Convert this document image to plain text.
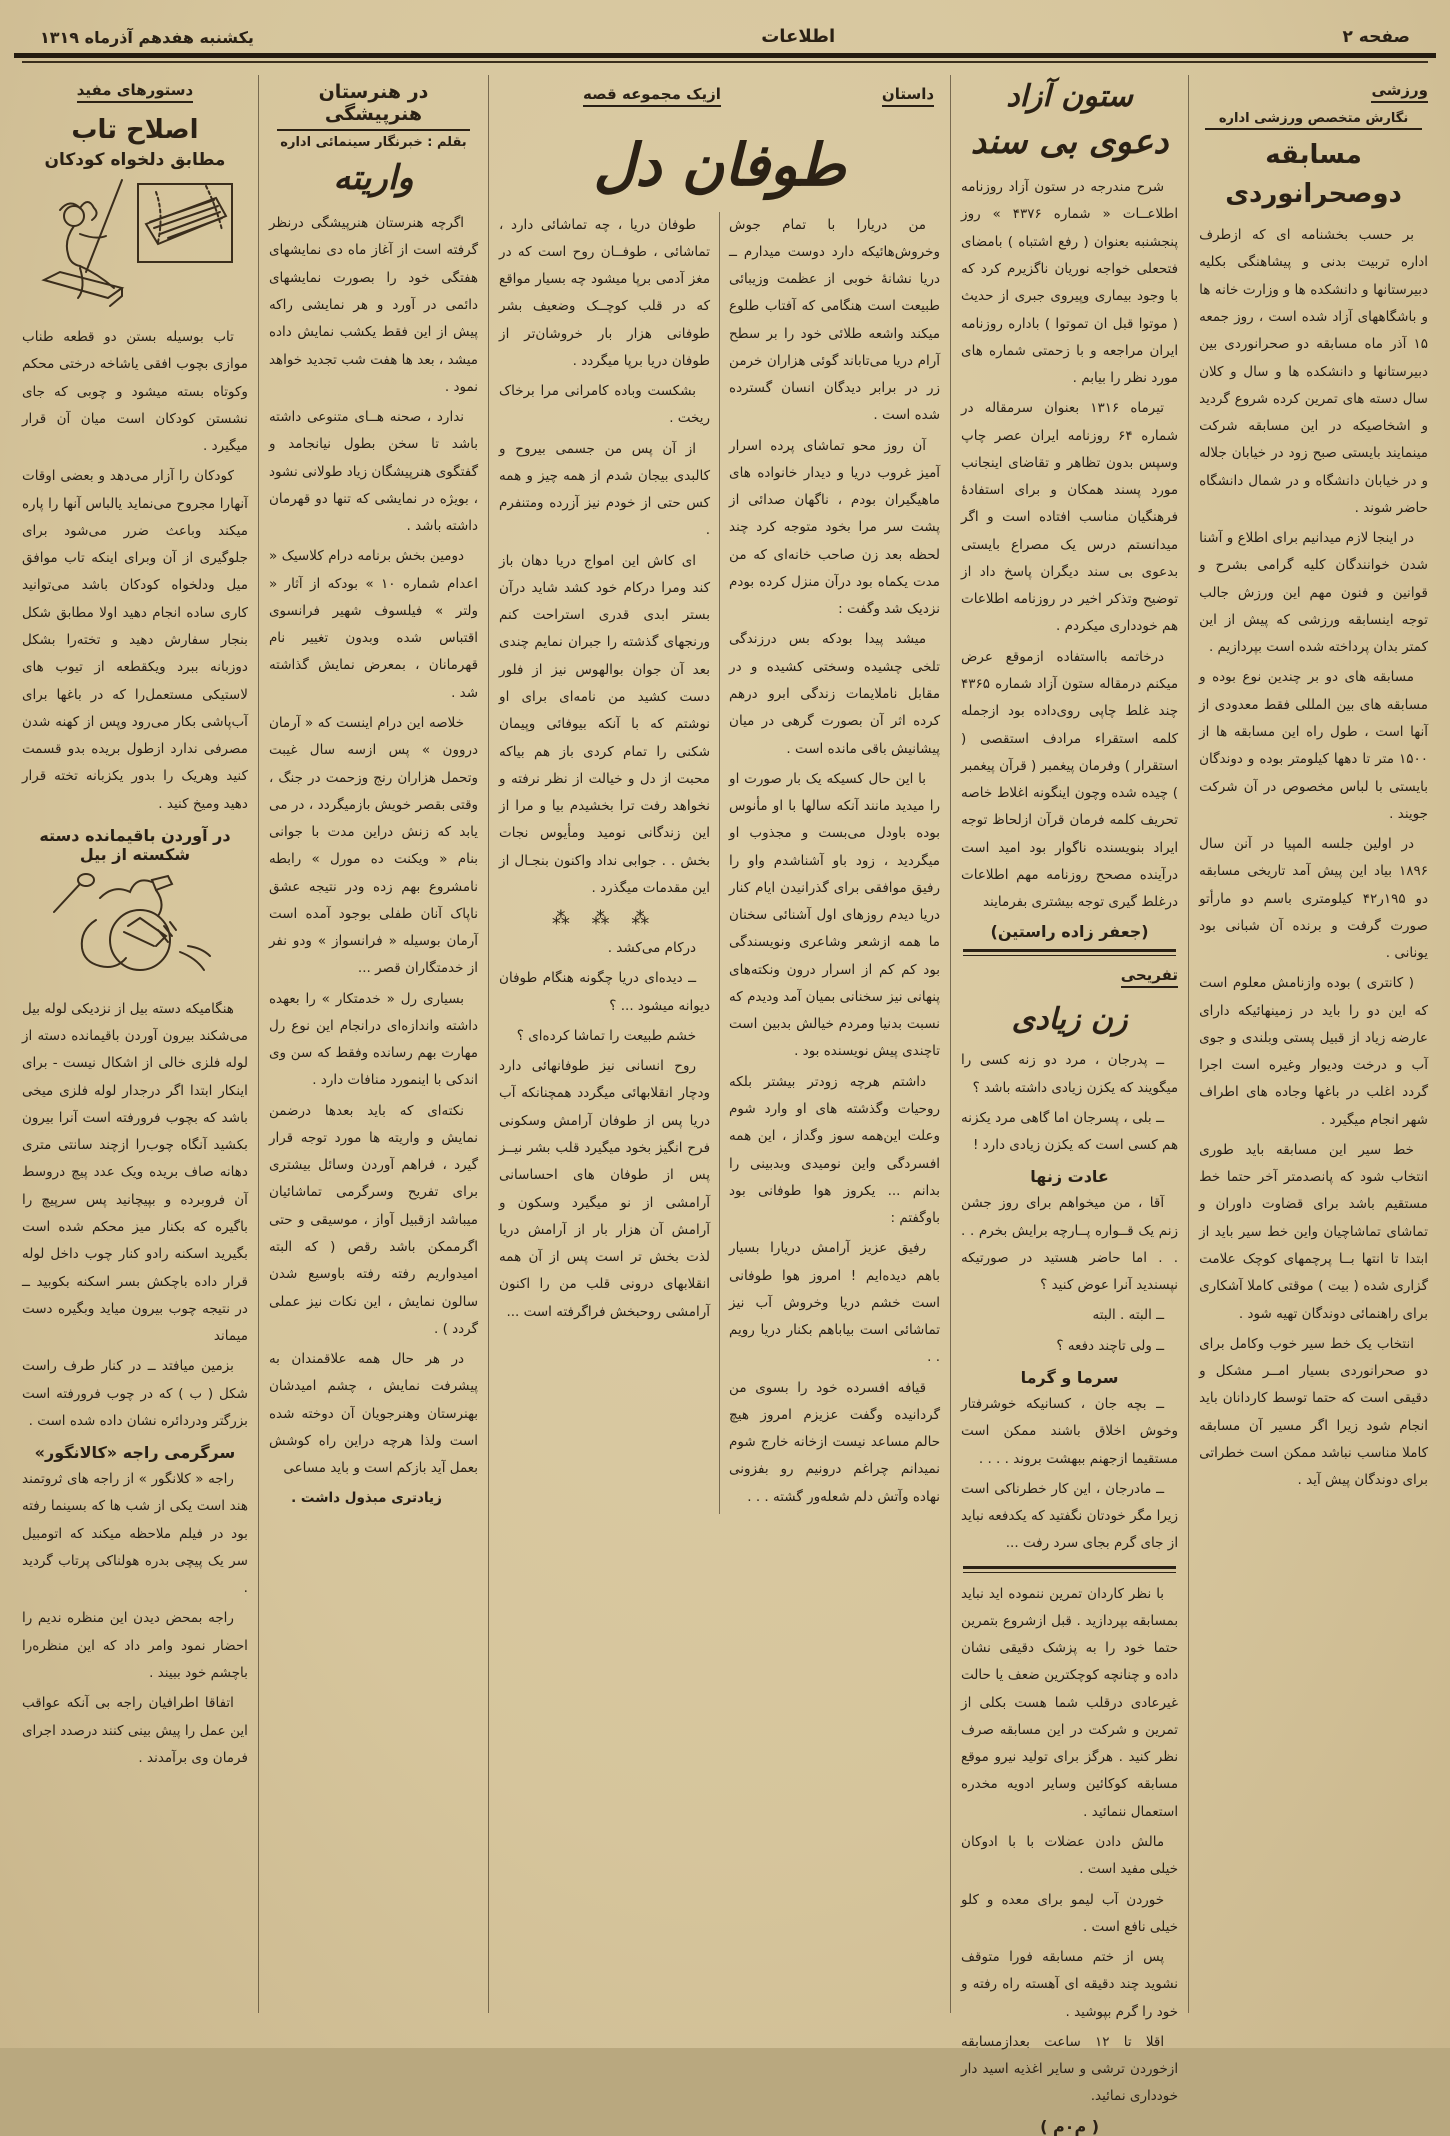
صفحه ۲
اطلاعات
یکشنبه هفدهم آذرماه ۱۳۱۹
ورزشی
نگارش متخصص ورزشی اداره
مسابقه
دوصحرانوردی

بر حسب بخشنامه ای که ازطرف اداره تربیت بدنی و پیشاهنگی بکلیه دبیرستانها و دانشکده ها و وزارت خانه ها و باشگاههای آزاد شده است ، روز جمعه ۱۵ آذر ماه مسابقه دو صحرانوردی بین دبیرستانها و دانشکده ها و سال و کلان سال دسته های تمرین کرده شروع گردید و اشخاصیکه در این مسابقه شرکت مینمایند بایستی صبح زود در خیابان جلاله و در خیابان دانشگاه و در شمال دانشگاه حاضر شوند .

در اینجا لازم میدانیم برای اطلاع و آشنا شدن خوانندگان کلیه گرامی بشرح و قوانین و فنون مهم این ورزش جالب توجه اینسابقه ورزشی که پیش از این کمتر بدان پرداخته شده است بپردازیم .

مسابقه های دو بر چندین نوع بوده و مسابقه های بین المللی فقط معدودی از آنها است ، طول راه این مسابقه ها از ۱۵۰۰ متر تا دهها کیلومتر بوده و دوندگان بایستی با لباس مخصوص در آن شرکت جویند .

در اولین جلسه المپیا در آنن سال ۱۸۹۶ بیاد این پیش آمد تاریخی مسابقه دو ۱۹۵ر۴۲ کیلومتری باسم دو مارأتو صورت گرفت و برنده آن شبانی بود یونانی .

( کانتری ) بوده وازنامش معلوم است که این دو را باید در زمینهائیکه دارای عارضه زیاد از قبیل پستی وبلندی و جوی آب و درخت ودیوار وغیره است اجرا گردد اغلب در باغها وجاده های اطراف شهر انجام میگیرد .

خط سیر این مسابقه باید طوری انتخاب شود که پانصدمتر آخر حتما خط مستقیم باشد برای قضاوت داوران و تماشای تماشاچیان واین خط سیر باید از ابتدا تا انتها بــا پرچمهای کوچک علامت گزاری شده ( بیت ) موقتی کاملا آشکاری برای راهنمائی دوندگان تهیه شود .

انتخاب یک خط سیر خوب وکامل برای دو صحرانوردی بسیار امــر مشکل و دقیقی است که حتما توسط کاردانان باید انجام شود زیرا اگر مسیر آن مسابقه کاملا مناسب نباشد ممکن است خطراتی برای دوندگان پیش آید .

ستون آزاد
دعوی بی سند

شرح مندرجه در ستون آزاد روزنامه اطلاعــات « شماره ۴۳۷۶ » روز پنجشنبه بعنوان ( رفع اشتباه ) بامضای فتحعلی خواجه نوریان ناگزیرم کرد که با وجود بیماری وپیروی جبری از حدیث ( موتوا قبل ان تموتوا ) باداره روزنامه ایران مراجعه و با زحمتی شماره های مورد نظر را بیابم .

تیرماه ۱۳۱۶ بعنوان سرمقاله در شماره ۶۴ روزنامه ایران عصر چاپ وسپس بدون تظاهر و تقاضای اینجانب مورد پسند همکان و برای استفادهٔ فرهنگیان مناسب افتاده است و اگر میدانستم درس یک مصراع بایستی بدعوی بی سند دیگران پاسخ داد از توضیح وتذکر اخیر در روزنامه اطلاعات هم خودداری میکردم .

درخاتمه بااستفاده ازموقع عرض میکنم درمقاله ستون آزاد شماره ۴۳۶۵ چند غلط چاپی روی‌داده بود ازجمله کلمه استقراء مرادف استقصی ( استقرار ) وفرمان پیغمبر ( قرآن پیغمبر ) چیده شده وچون اینگونه اغلاط خاصه تحریف کلمه فرمان قرآن ازلحاظ توجه ایراد بنویسنده ناگوار بود امید است درآینده مصحح روزنامه مهم اطلاعات درغلط گیری توجه بیشتری بفرمایند

(جعفر زاده راستین)
تفریحی
زن زیادی

ــ پدرجان ، مرد دو زنه کسی را میگویند که یکزن زیادی داشته باشد ؟

ــ بلی ، پسرجان اما گاهی مرد یکزنه هم کسی است که یکزن زیادی دارد !

عادت زنها

آقا ، من میخواهم برای روز جشن زنم یک قــواره پــارچه برایش بخرم . . . . اما حاضر هستید در صورتیکه نپسندید آنرا عوض کنید ؟

ــ البته . البته

ــ ولی تاچند دفعه ؟

سرما و گرما

ــ بچه جان ، کسانیکه خوشرفتار وخوش اخلاق باشند ممکن است مستقیما ازجهنم ببهشت بروند . . . .

ــ مادرجان ، این کار خطرناکی است زیرا مگر خودتان نگفتید که یکدفعه نباید از جای گرم بجای سرد رفت ...

با نظر کاردان تمرین ننموده اید نباید بمسابقه بپردازید . قبل ازشروع بتمرین حتما خود را به پزشک دقیقی نشان داده و چنانچه کوچکترین ضعف یا حالت غیرعادی درقلب شما هست بکلی از تمرین و شرکت در این مسابقه صرف نظر کنید . هرگز برای تولید نیرو موقع مسابقه کوکائین وسایر ادویه مخدره استعمال ننمائید .

مالش دادن عضلات با با ادوکان خیلی مفید است .

خوردن آب لیمو برای معده و کلو خیلی نافع است .

پس از ختم مسابقه فورا متوقف نشوید چند دقیقه ای آهسته راه رفته و خود را گرم بپوشید .

اقلا تا ۱۲ ساعت بعدازمسابقه ازخوردن ترشی و سایر اغذیه اسید دار خودداری نمائید.

( م۰م )
داستان
ازیک مجموعه قصه
طوفان دل

من دریارا با تمام جوش وخروش‌هائیکه دارد دوست میدارم ــ دریا نشانهٔ خوبی از عظمت وزیبائی طبیعت است هنگامی که آفتاب طلوع میکند واشعه طلائی خود را بر سطح آرام دریا می‌تاباند گوئی هزاران خرمن زر در برابر دیدگان انسان گسترده شده است .

آن روز محو تماشای پرده اسرار آمیز غروب دریا و دیدار خانواده های ماهیگیران بودم ، ناگهان صدائی از پشت سر مرا بخود متوجه کرد چند لحظه بعد زن صاحب خانه‌ای که من مدت یکماه بود درآن منزل کرده بودم نزدیک شد وگفت :

میشد پیدا بودکه بس درزندگی تلخی چشیده وسختی کشیده و در مقابل ناملایمات زندگی ابرو درهم کرده اثر آن بصورت گرهی در میان پیشانیش باقی مانده است .

با این حال کسیکه یک بار صورت او را میدید مانند آنکه سالها با او مأنوس بوده باودل می‌بست و مجذوب او میگردید ، زود باو آشناشدم واو را رفیق موافقی برای گذرانیدن ایام کنار دریا دیدم روزهای اول آشنائی سخنان ما همه ازشعر وشاعری ونویسندگی بود کم کم از اسرار درون ونکته‌های پنهانی نیز سخنانی بمیان آمد ودیدم که نسبت بدنیا ومردم خیالش بدبین است تاچندی پیش نویسنده بود .

داشتم هرچه زودتر بیشتر بلکه روحیات وگذشته های او وارد شوم وعلت این‌همه سوز وگداز ، این همه افسردگی واین نومیدی وبدبینی را بدانم ... یکروز هوا طوفانی بود باوگفتم :

رفیق عزیز آرامش دریارا بسیار باهم دیده‌ایم ! امروز هوا طوفانی است خشم دریا وخروش آب نیز تماشائی است بیاباهم بکنار دریا رویم . .

قیافه افسرده خود را بسوی من گردانیده وگفت عزیزم امروز هیچ حالم مساعد نیست ازخانه خارج شوم نمیدانم چراغم درونیم رو بفزونی نهاده وآتش دلم شعله‌ور گشته . . .

طوفان دریا ، چه تماشائی دارد ، تماشائی ، طوفــان روح است که در مغز آدمی برپا میشود چه بسیار مواقع که در قلب کوچــک وضعیف بشر طوفانی هزار بار خروشان‌تر از طوفان دریا برپا میگردد .

بشکست وباده کامرانی مرا برخاک ریخت .

از آن پس من جسمی بیروح و کالبدی بیجان شدم از همه چیز و همه کس حتی از خودم نیز آزرده ومتنفرم .

ای کاش این امواج دریا دهان باز کند ومرا درکام خود کشد شاید درآن بستر ابدی قدری استراحت کنم ورنجهای گذشته را جبران نمایم چندی بعد آن جوان بوالهوس نیز از فلور دست کشید من نامه‌ای برای او نوشتم که با آنکه بیوفائی وپیمان شکنی را تمام کردی باز هم بیاکه محبت از دل و خیالت از نظر نرفته و نخواهد رفت ترا بخشیدم بیا و مرا از این زندگانی نومید ومأیوس نجات بخش . . جوابی نداد واکنون بنجـال از این مقدمات میگذرد .

⁂ ⁂ ⁂

درکام می‌کشد .

ــ دیده‌ای دریا چگونه هنگام طوفان دیوانه میشود ... ؟

خشم طبیعت را تماشا کرده‌ای ؟

روح انسانی نیز طوفانهائی دارد ودچار انقلابهائی میگردد همچنانکه آب دریا پس از طوفان آرامش وسکونی فرح انگیز بخود میگیرد قلب بشر نیــز پس از طوفان های احساسانی آرامشی از نو میگیرد وسکون و آرامش آن هزار بار از آرامش دریا لذت بخش تر است پس از آن همه انقلابهای درونی قلب من را اکنون آرامشی روحبخش فراگرفته است ...

در هنرستان هنرپیشگی
بقلم : خبرنگار سینمائی اداره
واریته

اگرچه هنرستان هنرپیشگی درنظر گرفته است از آغاز ماه دی نمایشهای هفتگی خود را بصورت نمایشهای دائمی در آورد و هر نمایشی راکه پیش از این فقط یکشب نمایش داده میشد ، بعد ها هفت شب تجدید خواهد نمود .

ندارد ، صحنه هــای متنوعی داشته باشد تا سخن بطول نیانجامد و گفتگوی هنرپیشگان زیاد طولانی نشود ، بویژه در نمایشی که تنها دو قهرمان داشته باشد .

دومین بخش برنامه درام کلاسیک « اعدام شماره ۱۰ » بودکه از آثار « ولتر » فیلسوف شهیر فرانسوی اقتباس شده وبدون تغییر نام قهرمانان ، بمعرض نمایش گذاشته شد .

خلاصه این درام اینست که « آرمان دروون » پس ازسه سال غیبت وتحمل هزاران رنج وزحمت در جنگ ، وقتی بقصر خویش بازمیگردد ، در می یابد که زنش دراین مدت با جوانی بنام « ویکنت ده مورل » رابطه نامشروع بهم زده ودر نتیجه عشق ناپاک آنان طفلی بوجود آمده است آرمان بوسیله « فرانسواز » ودو نفر از خدمتگاران قصر ...

بسیاری رل « خدمتکار » را بعهده داشته واندازه‌ای درانجام این نوع رل مهارت بهم رسانده وفقط که سن وی اندکی با اینمورد منافات دارد .

نکته‌ای که باید بعدها درضمن نمایش و واریته ها مورد توجه قرار گیرد ، فراهم آوردن وسائل بیشتری برای تفریح وسرگرمی تماشائیان میباشد ازقبیل آواز ، موسیقی و حتی اگرممکن باشد رقص ( که البته امیدواریم رفته رفته باوسیع شدن سالون نمایش ، این نکات نیز عملی گردد ) .

در هر حال همه علاقمندان به پیشرفت نمایش ، چشم امیدشان بهنرستان وهنرجویان آن دوخته شده است ولذا هرچه دراین راه کوشش بعمل آید بازکم است و باید مساعی

زیادتری مبذول داشت .

دستورهای مفید
اصلاح تاب
مطابق دلخواه کودکان

تاب بوسیله بستن دو قطعه طناب موازی بچوب افقی یاشاخه درختی محکم وکوتاه بسته میشود و چوبی که جای نشستن کودکان است میان آن قرار میگیرد .

کودکان را آزار می‌دهد و بعضی اوقات آنهارا مجروح می‌نماید یالباس آنها را پاره میکند وباعث ضرر می‌شود برای جلوگیری از آن وبرای اینکه تاب موافق میل ودلخواه کودکان باشد می‌توانید کاری ساده انجام دهید اولا مطابق شکل بنجار سفارش دهید و تخته‌را بشکل دوزبانه ببرد ویکقطعه از تیوب های لاستیکی مستعمل‌را که در باغها برای آب‌پاشی بکار می‌رود وپس از کهنه شدن مصرفی ندارد ازطول بریده بدو قسمت کنید وهریک را بدور یکزبانه تخته قرار دهید ومیخ کنید .

در آوردن باقیمانده دسته شکسته از بیل

هنگامیکه دسته بیل از نزدیکی لوله بیل می‌شکند بیرون آوردن باقیمانده دسته از لوله فلزی خالی از اشکال نیست - برای اینکار ابتدا اگر درجدار لوله فلزی میخی باشد که بچوب فرورفته است آنرا بیرون بکشید آنگاه چوب‌را ازچند سانتی متری دهانه صاف بریده ویک عدد پیچ دروسط آن فروبرده و بپیچانید پس سرپیچ را باگیره که بکنار میز محکم شده است بگیرید اسکنه رادو کنار چوب داخل لوله قرار داده باچکش بسر اسکنه بکوبید ــ در نتیجه چوب بیرون میاید وبگیره دست میماند

بزمین میافتد ــ در کنار طرف راست شکل ( ب ) که در چوب فرورفته است بزرگتر ودردائره نشان داده شده است .

سرگرمی راجه «کالانگور»

راجه « کلانگور » از راجه های ثروتمند هند است یکی از شب ها که بسینما رفته بود در فیلم ملاحظه میکند که اتومبیل سر یک پیچی بدره هولناکی پرتاب گردید .

راجه بمحض دیدن این منظره ندیم را احضار نمود وامر داد که این منظره‌را باچشم خود ببیند .

اتفاقا اطرافیان راجه بی آنکه عواقب این عمل را پیش بینی کنند درصدد اجرای فرمان وی برآمدند .
